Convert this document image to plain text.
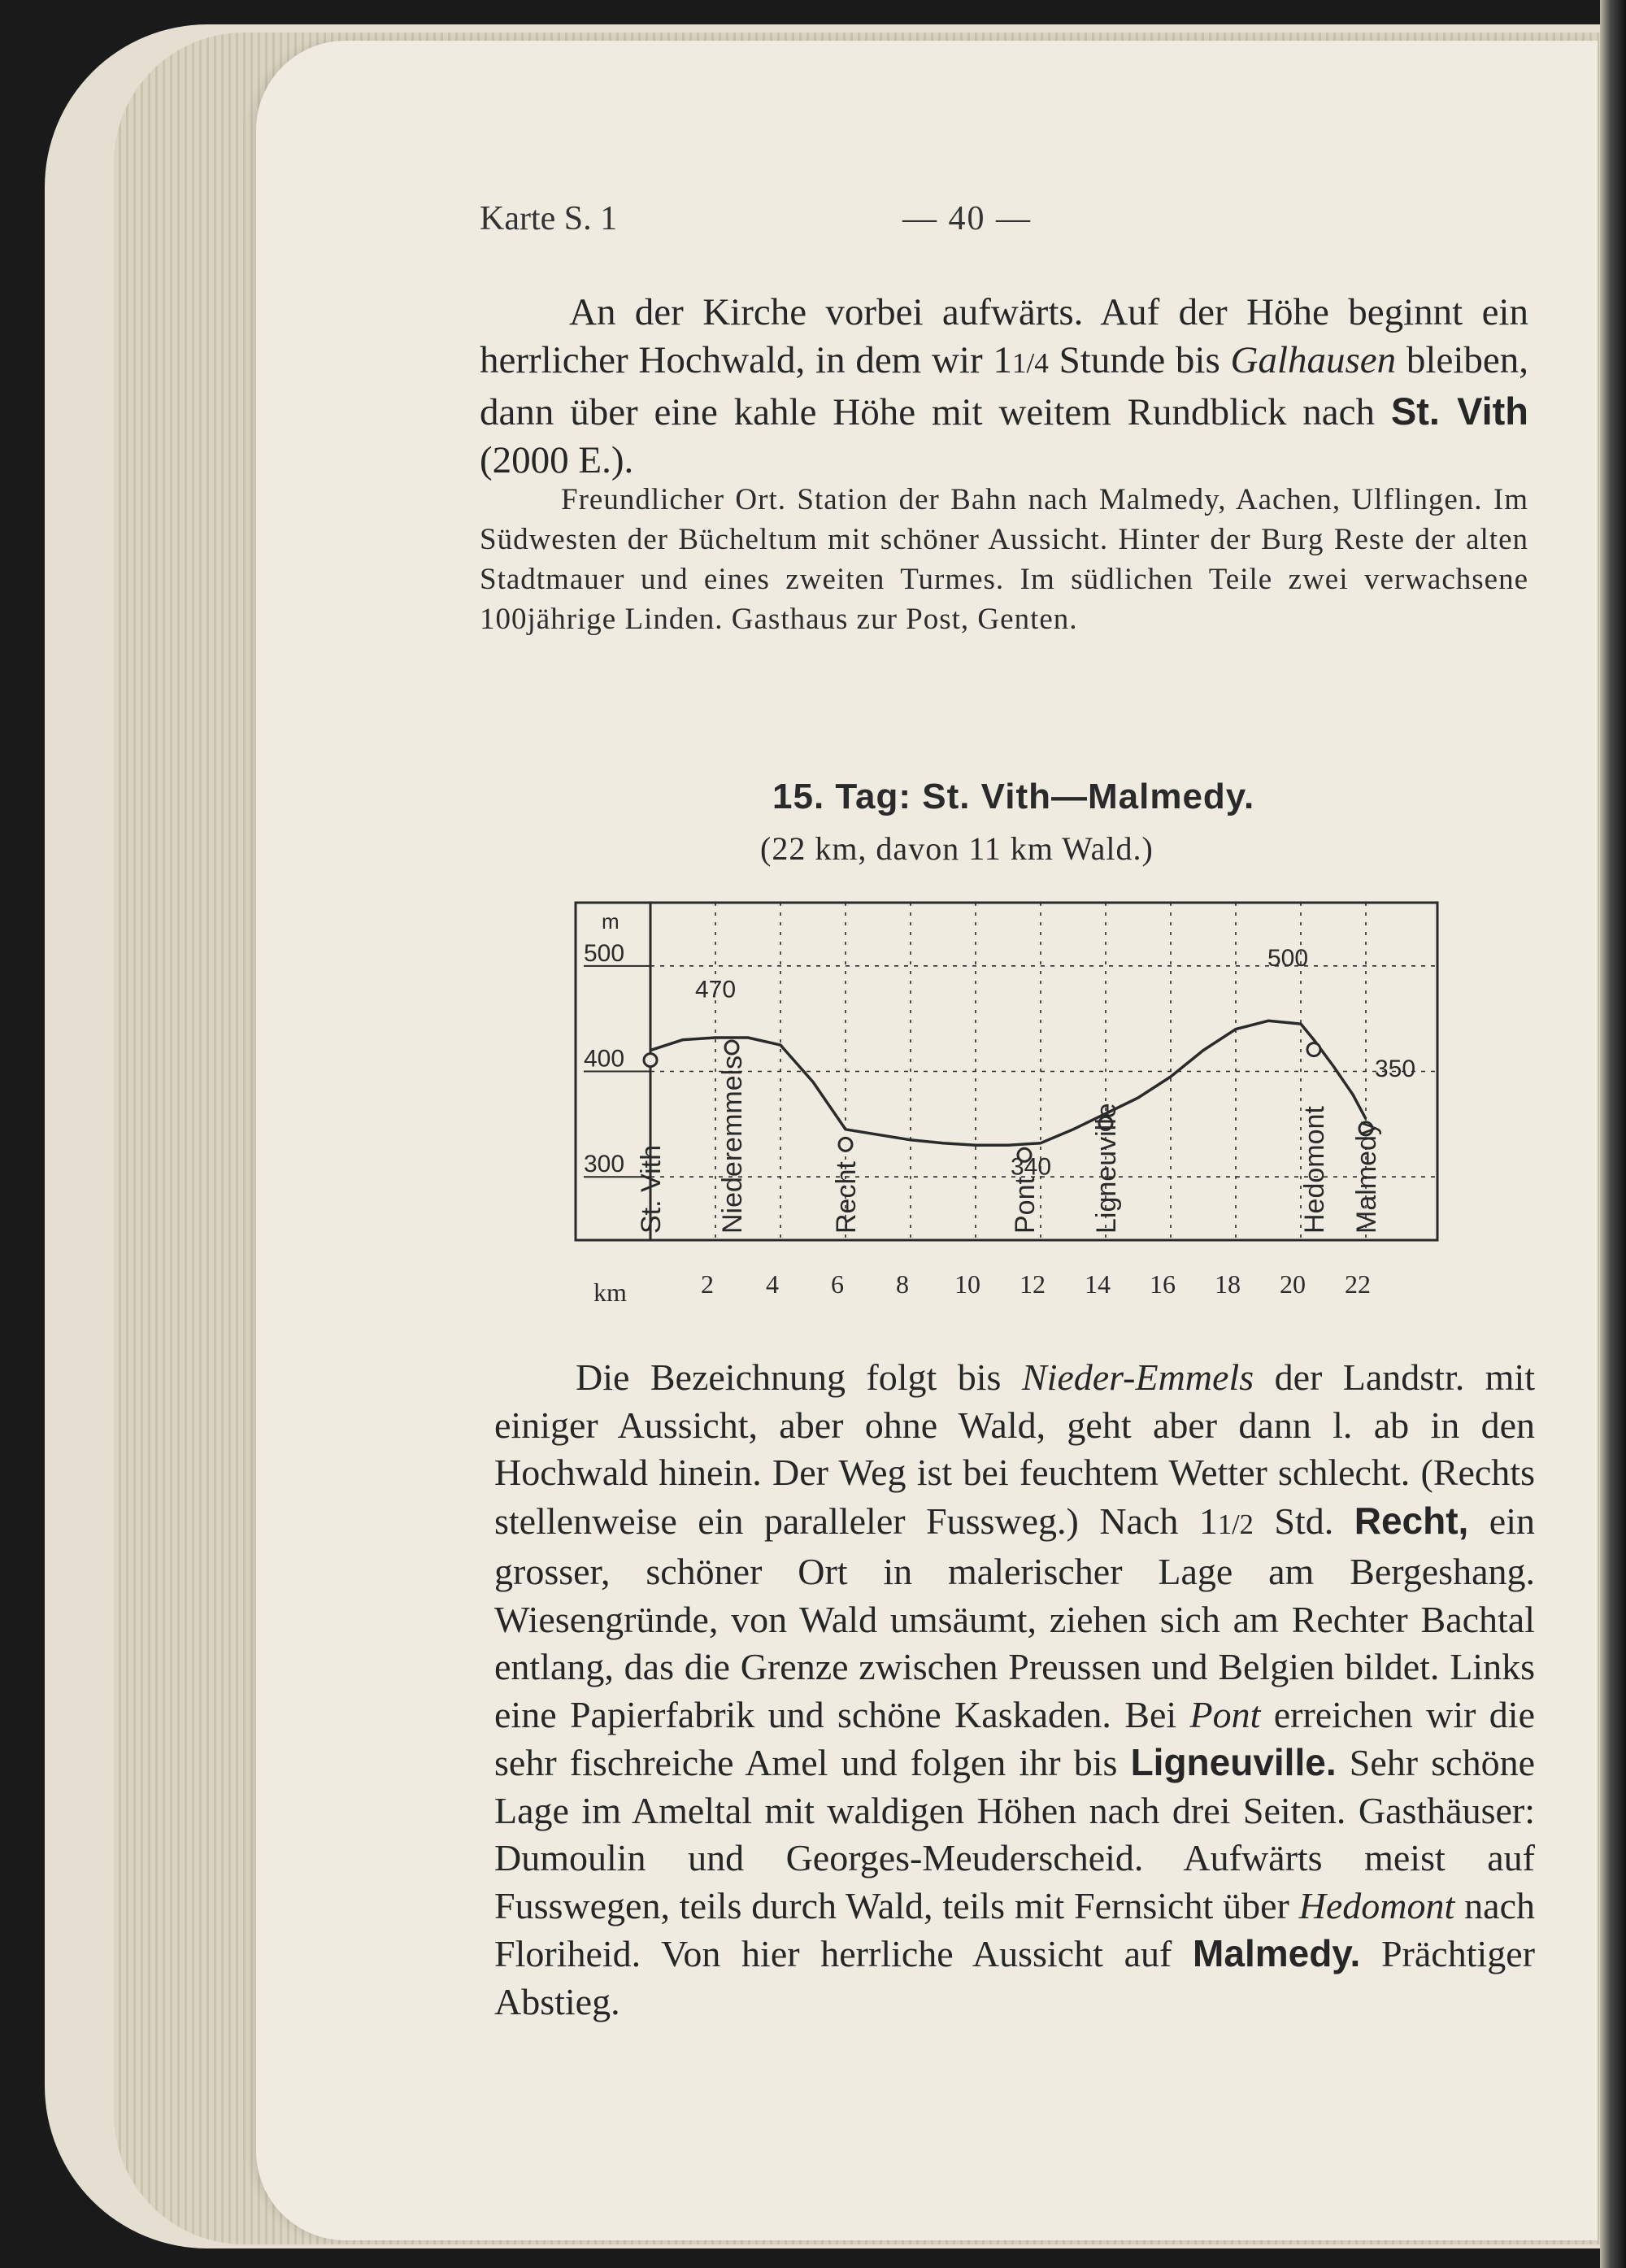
Karte S. 1	— 40 —

An der Kirche vorbei aufwärts. Auf der Höhe beginnt ein herrlicher Hochwald, in dem wir 11/4 Stunde bis Galhausen bleiben, dann über eine kahle Höhe mit weitem Rundblick nach St. Vith (2000 E.).

Freundlicher Ort. Station der Bahn nach Malmedy, Aachen, Ulflingen. Im Südwesten der Bücheltum mit schöner Aussicht. Hinter der Burg Reste der alten Stadtmauer und eines zweiten Turmes. Im südlichen Teile zwei verwachsene 100jährige Linden. Gasthaus zur Post, Genten.

15. Tag: St. Vith—Malmedy.
(22 km, davon 11 km Wald.)
m
500
400
300 St. Vith Niederemmels	Recht	Pont Ligneuville	Hedomont Malmedy
470
500
340
350
km	2 4 6 8 10 12 14 16 18 20 22

Die Bezeichnung folgt bis Nieder-Emmels der Landstr. mit einiger Aussicht, aber ohne Wald, geht aber dann l. ab in den Hochwald hinein. Der Weg ist bei feuchtem Wetter schlecht. (Rechts stellenweise ein paralleler Fussweg.) Nach 11/2 Std. Recht, ein grosser, schöner Ort in malerischer Lage am Bergeshang. Wiesengründe, von Wald umsäumt, ziehen sich am Rechter Bachtal entlang, das die Grenze zwischen Preussen und Belgien bildet. Links eine Papierfabrik und schöne Kaskaden. Bei Pont erreichen wir die sehr fischreiche Amel und folgen ihr bis Ligneuville. Sehr schöne Lage im Ameltal mit waldigen Höhen nach drei Seiten. Gasthäuser: Dumoulin und Georges-Meuderscheid. Aufwärts meist auf Fusswegen, teils durch Wald, teils mit Fernsicht über Hedomont nach Floriheid. Von hier herrliche Aussicht auf Malmedy. Prächtiger Abstieg.
